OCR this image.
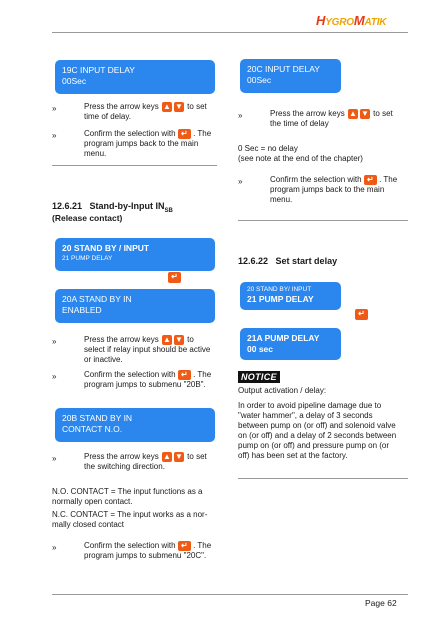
HYGROMATIK
19C INPUT DELAY
00Sec
»	Press the arrow keys ▲ ▼ to set
time of delay.
»	Confirm the selection with ↵ . The
program jumps back to the main
menu.
12.6.21 Stand-by-Input $IN_{SB}$
(Release contact)
20 STAND BY / INPUT
21 PUMP DELAY
↵
20A STAND BY IN
ENABLED
»	Press the arrow keys ▲ ▼ to
select if relay input should be active
or inactive.
»	Confirm the selection with ↵ . The
program jumps to submenu "20B".
20B STAND BY IN
CONTACT N.O.
»	Press the arrow keys ▲ ▼ to set
the switching direction.
N.O. CONTACT = The input functions as a
normally open contact.
N.C. CONTACT = The input works as a nor-
mally closed contact
»	Confirm the selection with ↵ . The
program jumps to submenu "20C".
20C INPUT DELAY
00Sec
»	Press the arrow keys ▲ ▼ to set
the time of delay
0 Sec = no delay
(see note at the end of the chapter)
»	Confirm the selection with ↵ . The
program jumps back to the main
menu.
12.6.22 Set start delay
20 STAND BY/ INPUT
21 PUMP DELAY
↵
21A PUMP DELAY
00 sec
NOTICE
Output activation / delay:
In order to avoid pipeline damage due to
"water hammer", a delay of 3 seconds
between pump on (or off) and solenoid valve
on (or off) and a delay of 2 seconds between
pump on (or off) and pressure pump on (or
off) has been set at the factory.
Page 62
